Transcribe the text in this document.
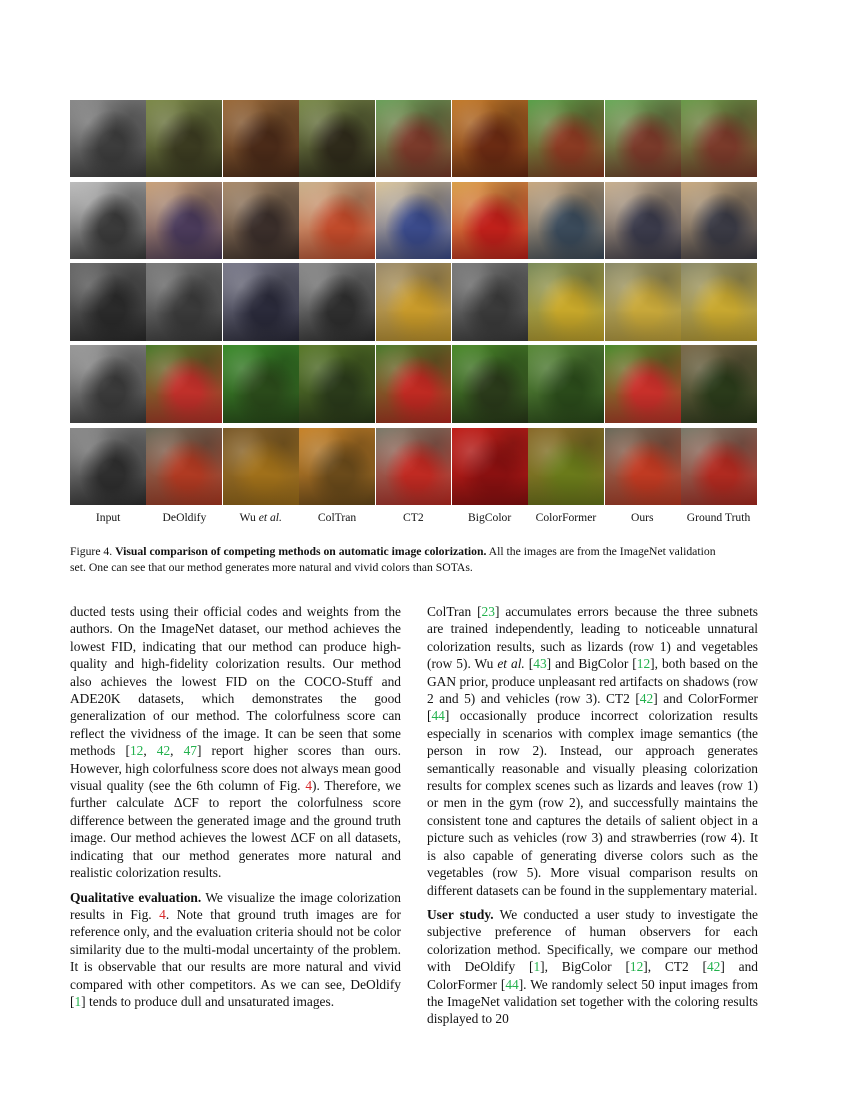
Input	DeOldify	Wu et al.	ColTran	CT2	BigColor	ColorFormer	Ours	Ground Truth
Figure 4. Visual comparison of competing methods on automatic image colorization. All the images are from the ImageNet validation
set. One can see that our method generates more natural and vivid colors than SOTAs.

ducted tests using their official codes and weights from the authors. On the ImageNet dataset, our method achieves the lowest FID, indicating that our method can produce high-quality and high-fidelity colorization results. Our method also achieves the lowest FID on the COCO-Stuff and ADE20K datasets, which demonstrates the good generalization of our method. The colorfulness score can reflect the vividness of the image. It can be seen that some methods [12, 42, 47] report higher scores than ours. However, high colorfulness score does not always mean good visual quality (see the 6th column of Fig. 4). Therefore, we further calculate ΔCF to report the colorfulness score difference between the generated image and the ground truth image. Our method achieves the lowest ΔCF on all datasets, indicating that our method generates more natural and realistic colorization results.

Qualitative evaluation. We visualize the image colorization results in Fig. 4. Note that ground truth images are for reference only, and the evaluation criteria should not be color similarity due to the multi-modal uncertainty of the problem. It is observable that our results are more natural and vivid compared with other competitors. As we can see, DeOldify [1] tends to produce dull and unsaturated images.

ColTran [23] accumulates errors because the three subnets are trained independently, leading to noticeable unnatural colorization results, such as lizards (row 1) and vegetables (row 5). Wu et al. [43] and BigColor [12], both based on the GAN prior, produce unpleasant red artifacts on shadows (row 2 and 5) and vehicles (row 3). CT2 [42] and ColorFormer [44] occasionally produce incorrect colorization results especially in scenarios with complex image semantics (the person in row 2). Instead, our approach generates semantically reasonable and visually pleasing colorization results for complex scenes such as lizards and leaves (row 1) or men in the gym (row 2), and successfully maintains the consistent tone and captures the details of salient object in a picture such as vehicles (row 3) and strawberries (row 4). It is also capable of generating diverse colors such as the vegetables (row 5). More visual comparison results on different datasets can be found in the supplementary material.

User study. We conducted a user study to investigate the subjective preference of human observers for each colorization method. Specifically, we compare our method with DeOldify [1], BigColor [12], CT2 [42] and ColorFormer [44]. We randomly select 50 input images from the ImageNet validation set together with the coloring results displayed to 20
